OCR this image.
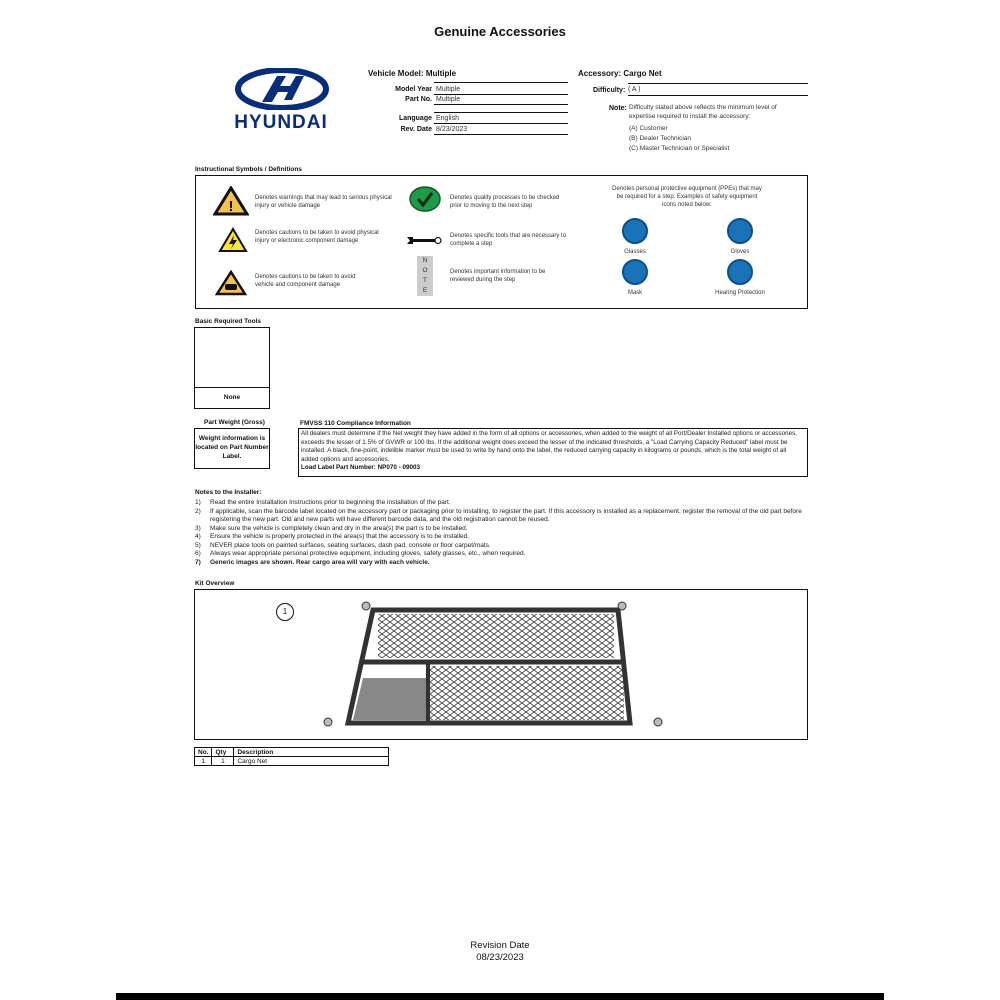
Genuine Accessories
HYUNDAI
Vehicle Model: Multiple
Model Year Multiple
Part No. Multiple
Language English
Rev. Date 8/23/2023
Accessory: Cargo Net
Difficulty: ( A )
Note: Difficulty stated above reflects the minimum level of expertise required to install the accessory:
(A) Customer
(B) Dealer Technician
(C) Master Technician or Specialist
Instructional Symbols / Definitions
!	Denotes warnings that may lead to serious physical injury or vehicle damage
Denotes cautions to be taken to avoid physical injury or electronic component damage
Denotes cautions to be taken to avoid vehicle and component damage
Denotes quality processes to be checked prior to moving to the next step
Denotes specific tools that are necessary to complete a step
N
O
T
E
Denotes important information to be reviewed during the step
Denotes personal protective equipment (PPEs) that may be required for a step. Examples of safety equipment icons noted below:
Glasses	Gloves
Mask	Hearing Protection
Basic Required Tools
None
Part Weight (Gross)
Weight information is located on Part Number Label.
FMVSS 110 Compliance Information
All dealers must determine if the Net weight they have added in the form of all options or accessories, when added to the weight of all Port/Dealer Installed options or accessories, exceeds the lesser of 1.5% of GVWR or 100 lbs. If the additional weight does exceed the lesser of the indicated thresholds, a "Load Carrying Capacity Reduced" label must be installed. A black, fine-point, indelible marker must be used to write by hand onto the label, the reduced carrying capacity in kilograms or pounds, which is the total weight of all added options and accessories.
Load Label Part Number: NP070 - 09003
Notes to the Installer:
1) Read the entire Installation Instructions prior to beginning the installation of the part.
2) If applicable, scan the barcode label located on the accessory part or packaging prior to installing, to register the part. If this accessory is installed as a replacement, register the removal of the old part before registering the new part. Old and new parts will have different barcode data, and the old registration cannot be reused.
3) Make sure the vehicle is completely clean and dry in the area(s) the part is to be installed.
4) Ensure the vehicle is properly protected in the area(s) that the accessory is to be installed.
5) NEVER place tools on painted surfaces, seating surfaces, dash pad, console or floor carpet/mats.
6) Always wear appropriate personal protective equipment, including gloves, safety glasses, etc., when required.
7) Generic images are shown. Rear cargo area will vary with each vehicle.
Kit Overview
1
No.	Qty	Description
1	1	Cargo Net
Revision Date
08/23/2023
